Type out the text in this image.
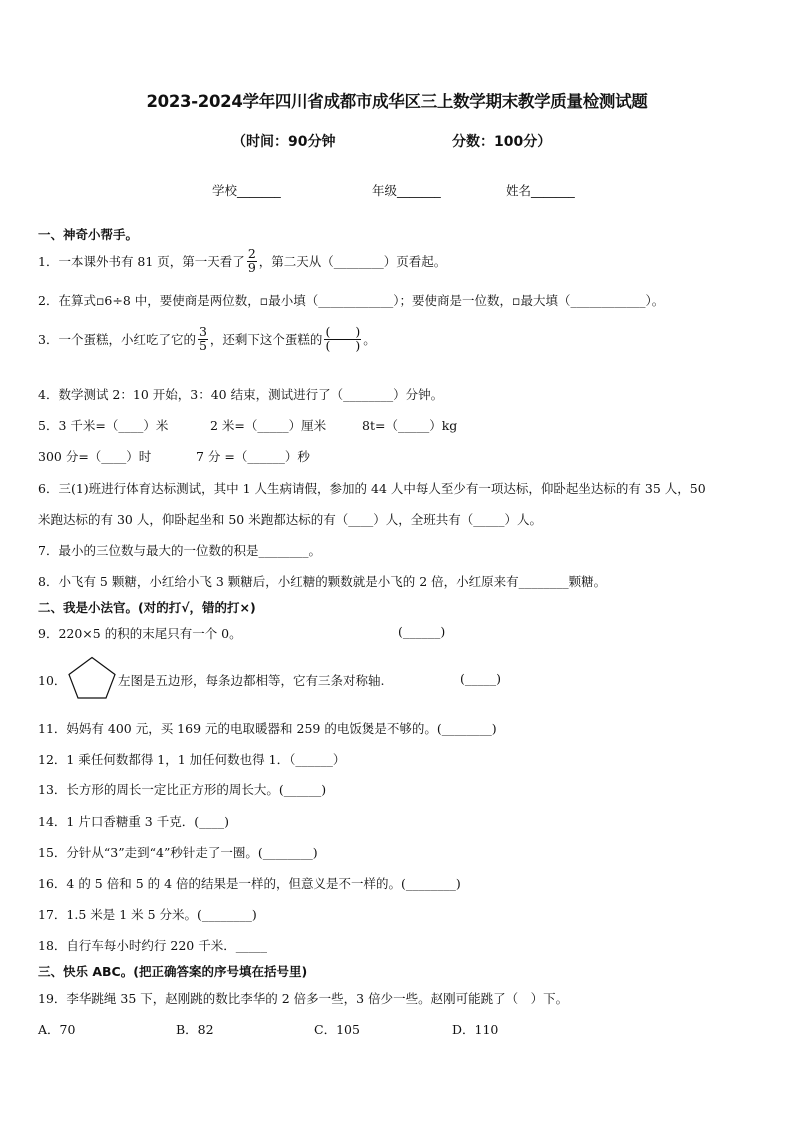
2023-2024学年四川省成都市成华区三上数学期末教学质量检测试题
（时间：90分钟	分数：100分）
学校_______	年级_______	姓名_______
一、神奇小帮手。
1．一本课外书有 81 页，第一天看了 $\frac{2}{9}$ ，第二天从（________）页看起。
2．在算式▫6÷8 中，要使商是两位数，▫最小填（____________）；要使商是一位数，▫最大填（____________）。
3．一个蛋糕，小红吃了它的 $\frac{3}{5}$ ，还剩下这个蛋糕的 $\frac{( )}{( )}$ 。
4．数学测试 2：10 开始，3：40 结束，测试进行了（________）分钟。
5．3 千米=（____）米	2 米=（_____）厘米	8t=（_____）kg
300 分=（____）时	7 分 =（______）秒
6．三(1)班进行体育达标测试，其中 1 人生病请假，参加的 44 人中每人至少有一项达标，仰卧起坐达标的有 35 人，50
米跑达标的有 30 人，仰卧起坐和 50 米跑都达标的有（____）人，全班共有（_____）人。
7．最小的三位数与最大的一位数的积是________。
8．小飞有 5 颗糖，小红给小飞 3 颗糖后，小红糖的颗数就是小飞的 2 倍，小红原来有________颗糖。
二、我是小法官。(对的打√，错的打×)
9．220×5 的积的末尾只有一个 0。	(______)
10．	左图是五边形，每条边都相等，它有三条对称轴.	(_____)
11．妈妈有 400 元，买 169 元的电取暖器和 259 的电饭煲是不够的。(________)
12．1 乘任何数都得 1，1 加任何数也得 1．（______）
13．长方形的周长一定比正方形的周长大。(______)
14．1 片口香糖重 3 千克．(____)
15．分针从“3”走到“4”秒针走了一圈。(________)
16．4 的 5 倍和 5 的 4 倍的结果是一样的，但意义是不一样的。(________)
17．1.5 米是 1 米 5 分米。(________)
18．自行车每小时约行 220 千米．_____
三、快乐 ABC。(把正确答案的序号填在括号里)
19．李华跳绳 35 下，赵刚跳的数比李华的 2 倍多一些，3 倍少一些。赵刚可能跳了（　）下。
A．70	B．82	C．105	D．110
